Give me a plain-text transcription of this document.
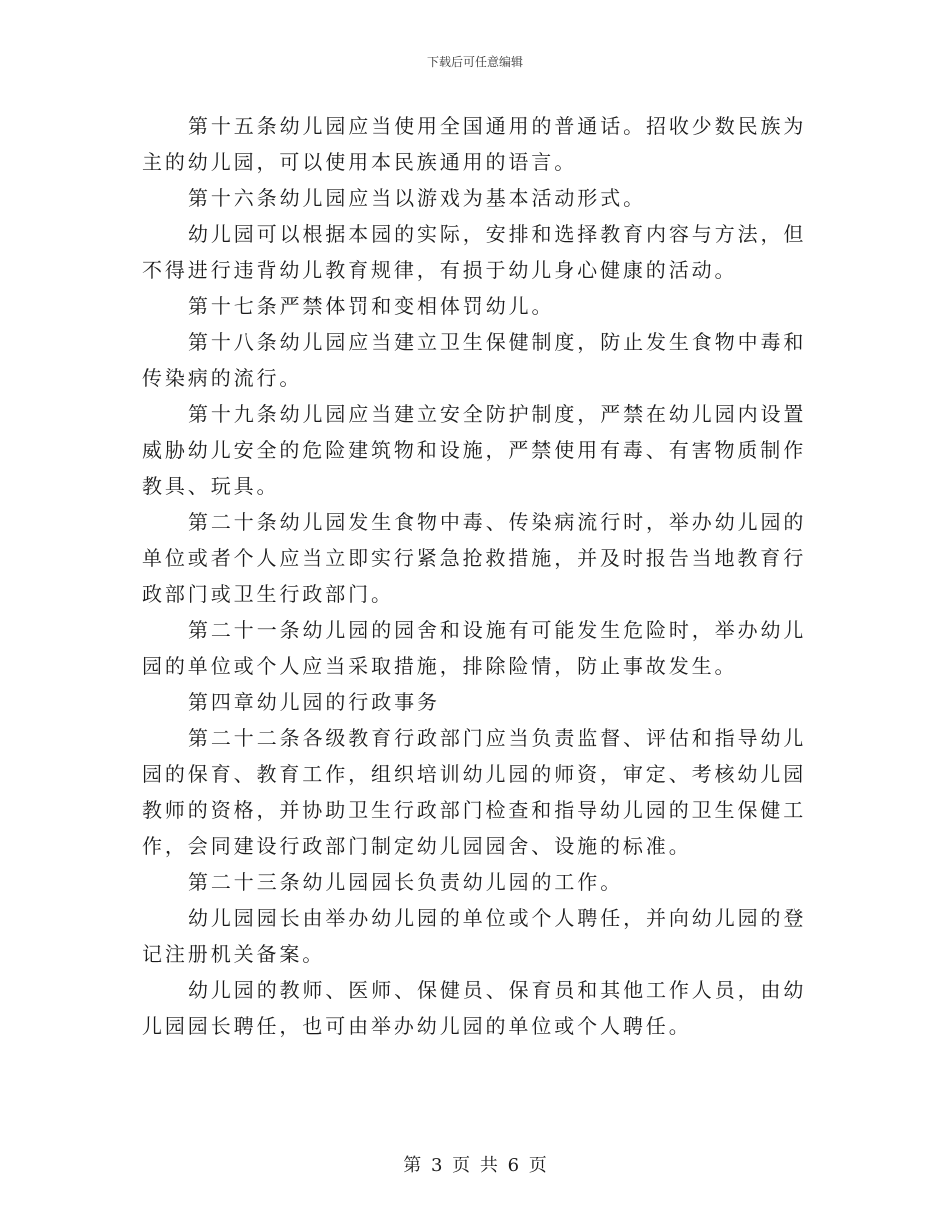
下载后可任意编辑

第十五条幼儿园应当使用全国通用的普通话。招收少数民族为主的幼儿园，可以使用本民族通用的语言。

第十六条幼儿园应当以游戏为基本活动形式。

幼儿园可以根据本园的实际，安排和选择教育内容与方法，但不得进行违背幼儿教育规律，有损于幼儿身心健康的活动。

第十七条严禁体罚和变相体罚幼儿。

第十八条幼儿园应当建立卫生保健制度，防止发生食物中毒和传染病的流行。

第十九条幼儿园应当建立安全防护制度，严禁在幼儿园内设置威胁幼儿安全的危险建筑物和设施，严禁使用有毒、有害物质制作教具、玩具。

第二十条幼儿园发生食物中毒、传染病流行时，举办幼儿园的单位或者个人应当立即实行紧急抢救措施，并及时报告当地教育行政部门或卫生行政部门。

第二十一条幼儿园的园舍和设施有可能发生危险时，举办幼儿园的单位或个人应当采取措施，排除险情，防止事故发生。

第四章幼儿园的行政事务

第二十二条各级教育行政部门应当负责监督、评估和指导幼儿园的保育、教育工作，组织培训幼儿园的师资，审定、考核幼儿园教师的资格，并协助卫生行政部门检查和指导幼儿园的卫生保健工作，会同建设行政部门制定幼儿园园舍、设施的标准。

第二十三条幼儿园园长负责幼儿园的工作。

幼儿园园长由举办幼儿园的单位或个人聘任，并向幼儿园的登记注册机关备案。

幼儿园的教师、医师、保健员、保育员和其他工作人员，由幼儿园园长聘任，也可由举办幼儿园的单位或个人聘任。

第 3 页 共 6 页
